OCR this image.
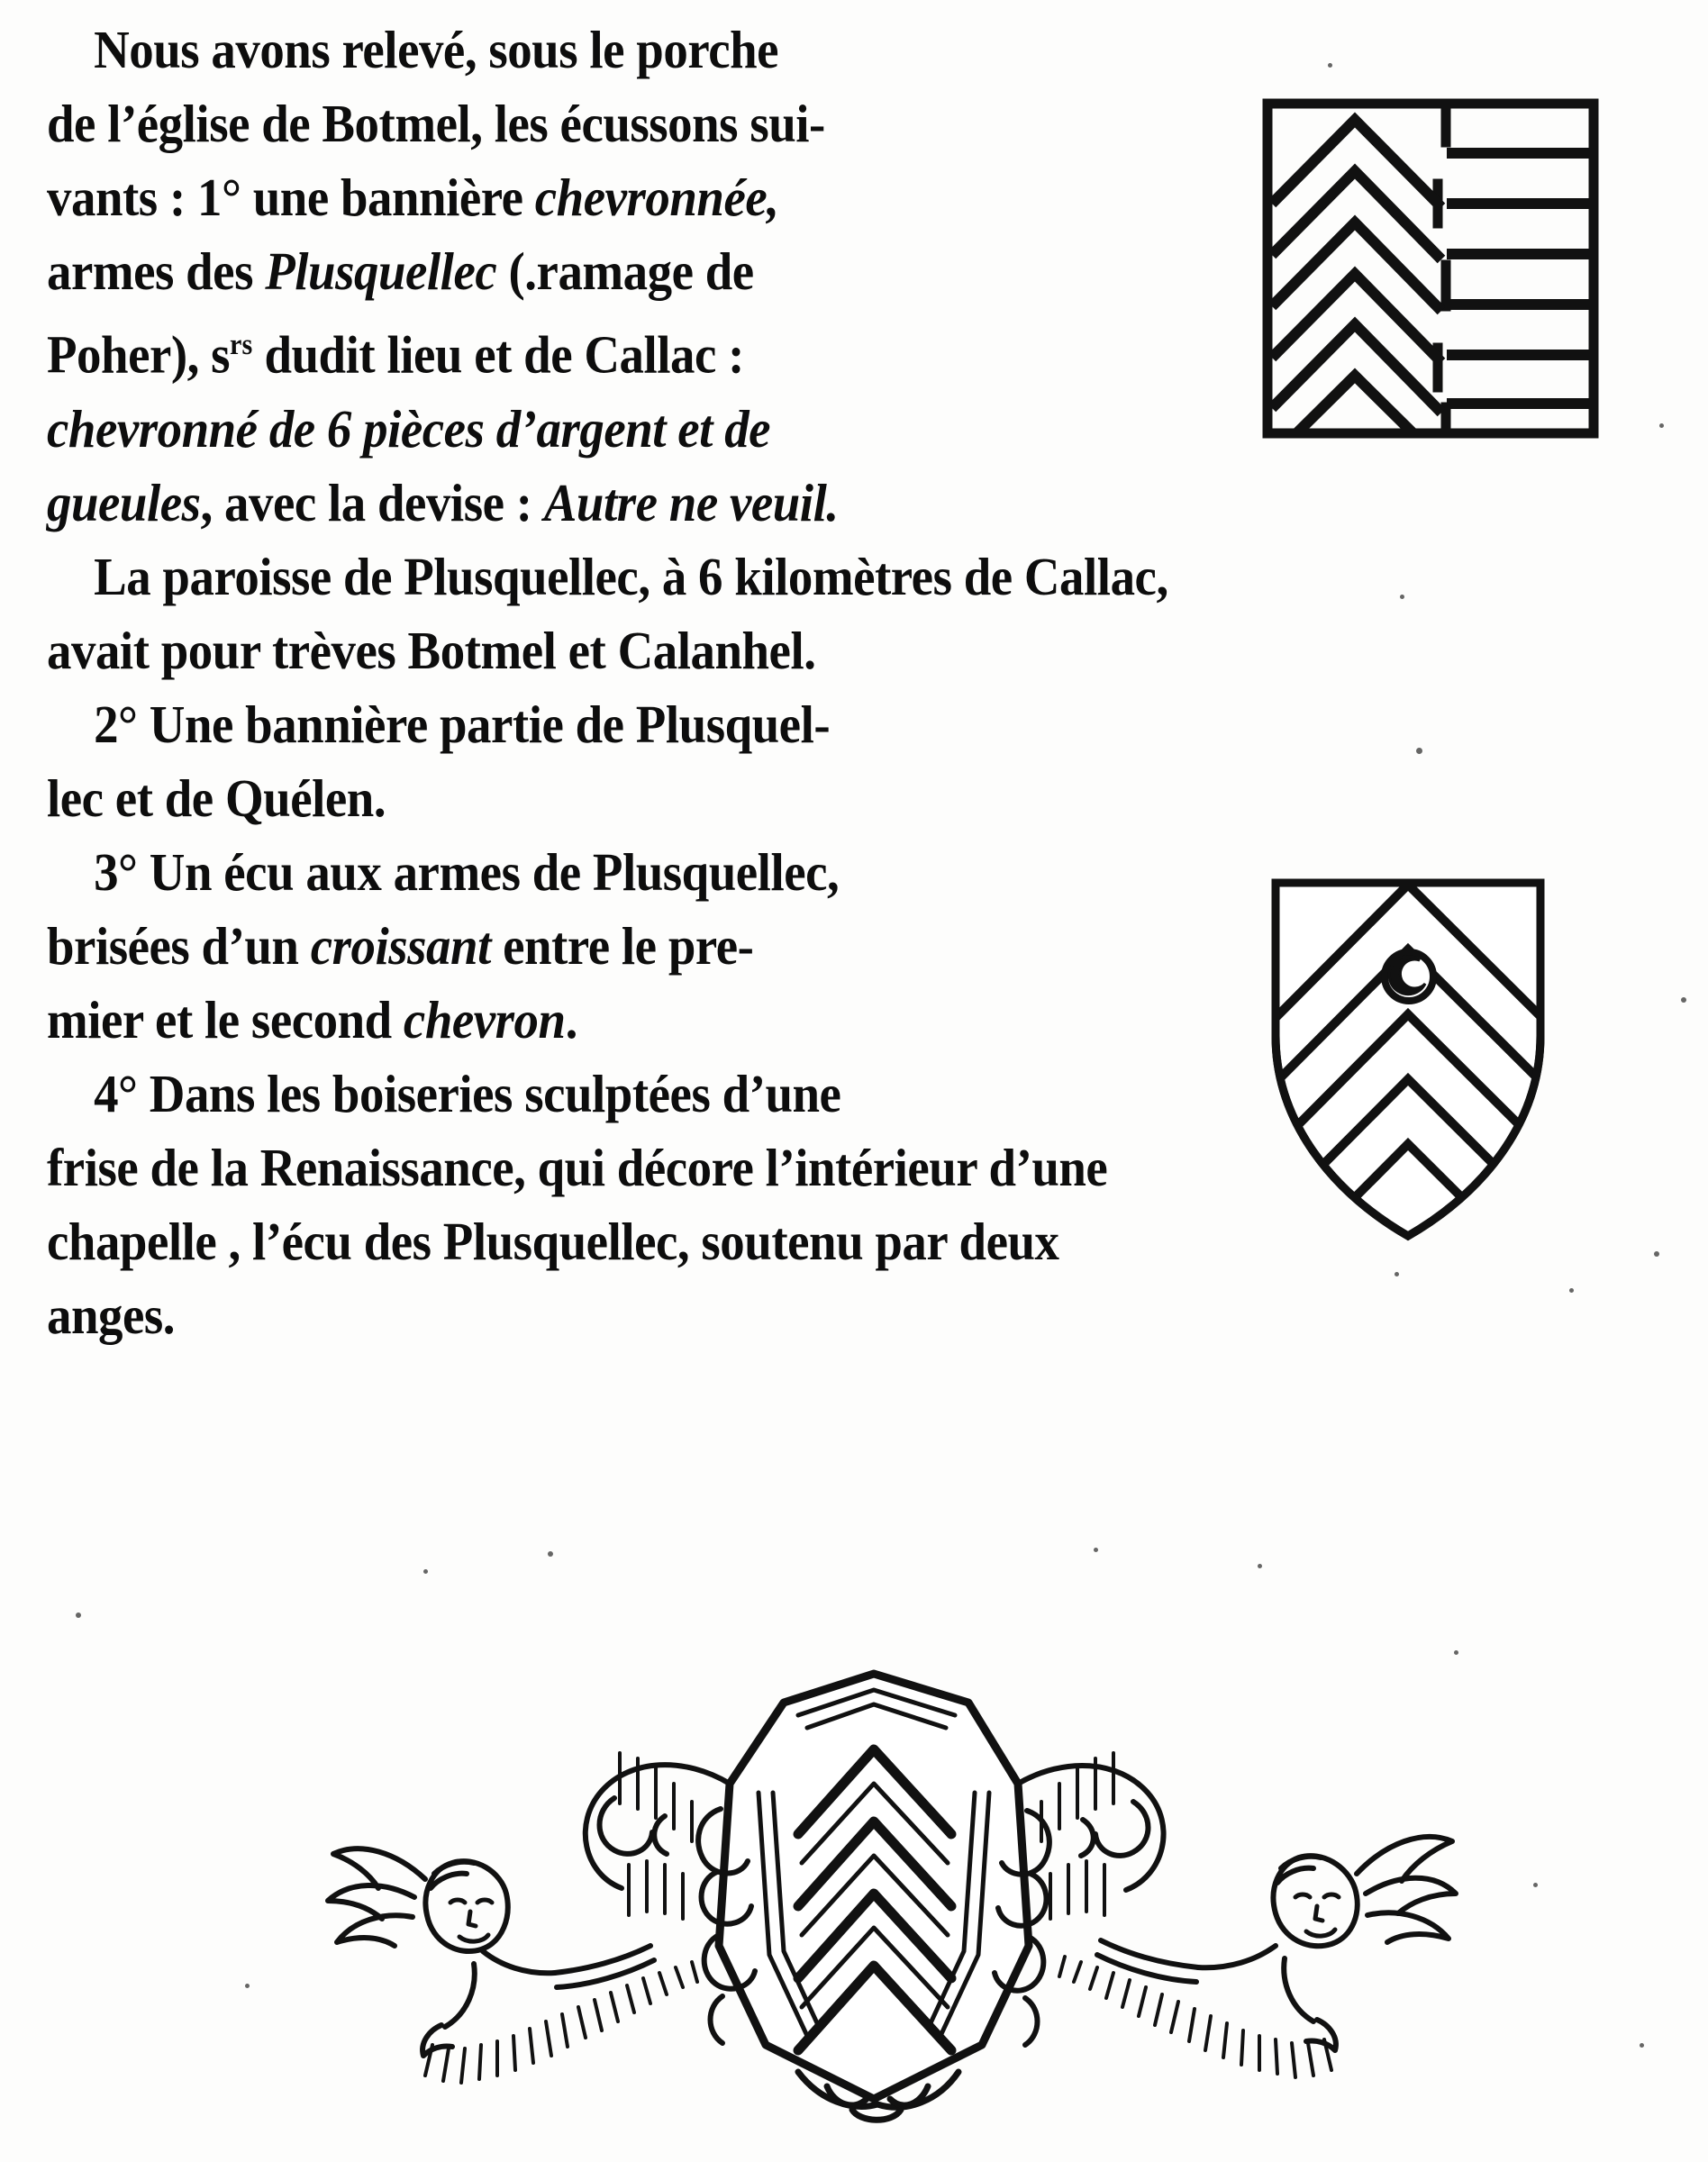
Nous avons relevé, sous le porche
de l’église de Botmel, les écussons sui-
vants : 1° une bannière chevronnée,
armes des Plusquellec (.ramage de
Poher), $s^{rs}$ dudit lieu et de Callac :
chevronné de 6 pièces d’argent et de
gueules, avec la devise : Autre ne veuil.
La paroisse de Plusquellec, à 6 kilomètres de Callac,
avait pour trèves Botmel et Calanhel.
2° Une bannière partie de Plusquel-
lec et de Quélen.
3° Un écu aux armes de Plusquellec,
brisées d’un croissant entre le pre-
mier et le second chevron.
4° Dans les boiseries sculptées d’une
frise de la Renaissance, qui décore l’intérieur d’une
chapelle , l’écu des Plusquellec, soutenu par deux
anges.
